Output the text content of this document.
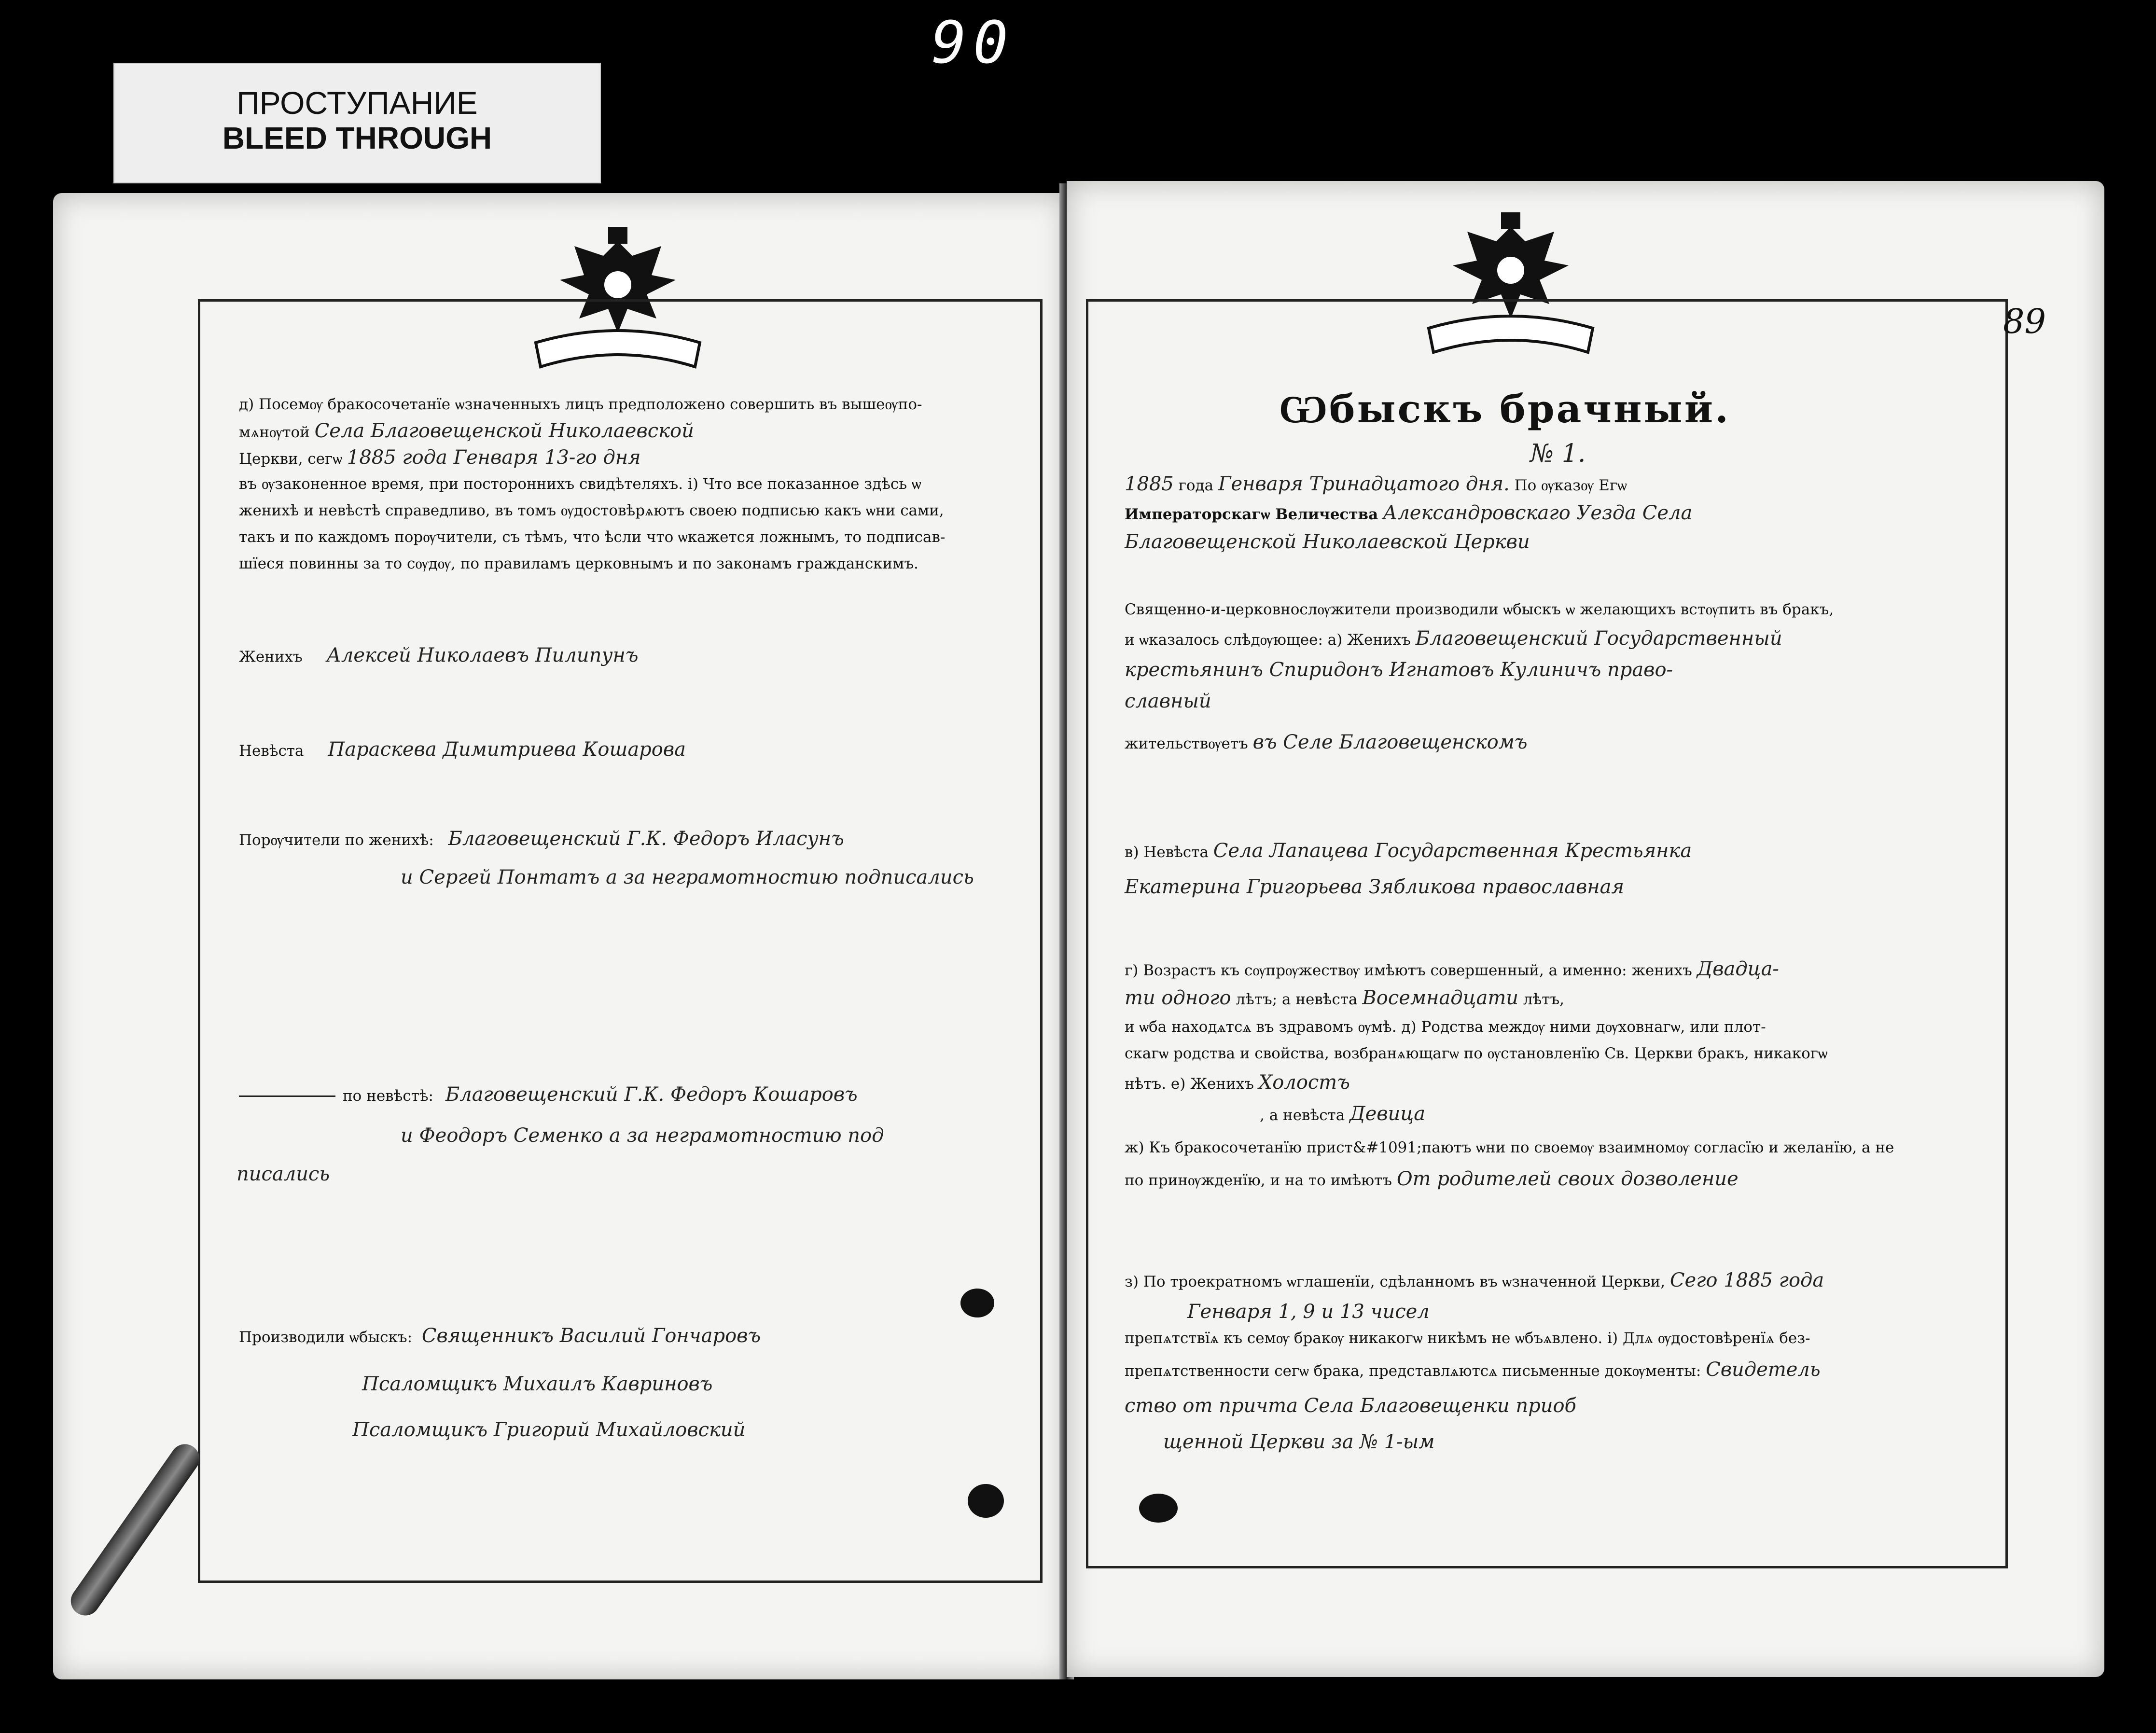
90
ПРОСТУПАНИЕ
BLEED THROUGH
д) Посемѹ бракосочетанїе ѡзначенныхъ лицъ предположено совершить въ вышеѹпо-
мѧнѹтой Села Благовещенской Николаевской
Церкви, сегѡ 1885 года Генваря 13-го дня
въ ѹзаконенное время, при постороннихъ свидѣтеляхъ. і) Что все показанное здѣсь ѡ
женихѣ и невѣстѣ справедливо, въ томъ ѹдостовѣрѧютъ своею подписью какъ ѡни сами,
такъ и по каждомъ порѹчители, съ тѣмъ, что ѣсли что ѡкажется ложнымъ, то подписав-
шїеся повинны за то сѹдѹ, по правиламъ церковнымъ и по законамъ гражданскимъ.
Женихъ Алексей Николаевъ Пилипунъ
Невѣста Параскева Димитриева Кошарова
Порѹчители по женихѣ: Благовещенский Г.К. Федоръ Иласунъ
и Сергей Понтатъ а за неграмотностию подписались
по невѣстѣ: Благовещенский Г.К. Федоръ Кошаровъ
и Феодоръ Семенко а за неграмотностию под
писались
Производили ѡбыскъ: Священникъ Василий Гончаровъ
Псаломщикъ Михаилъ Кавриновъ
Псаломщикъ Григорий Михайловский
89
Ѡбыскъ брачный.
№ 1.
1885 года Генваря Тринадцатого дня. По ѹказѹ Егѡ
Императорскагѡ Величества Александровскаго Уезда Села
Благовещенской Николаевской Церкви
Священно-и-церковнослѹжители производили ѡбыскъ ѡ желающихъ встѹпить въ бракъ,
и ѡказалось слѣдѹющее: а) Женихъ Благовещенский Государственный
крестьянинъ Спиридонъ Игнатовъ Кулиничъ право-
славный
жительствѹетъ въ Селе Благовещенскомъ
в) Невѣста Села Лапацева Государственная Крестьянка
Екатерина Григорьева Зябликова православная
г) Возрастъ къ сѹпрѹжествѹ имѣютъ совершенный, а именно: женихъ Двадца-
ти одного лѣтъ; а невѣста Восемнадцати лѣтъ,
и ѡба находѧтсѧ въ здравомъ ѹмѣ. д) Родства междѹ ними дѹховнагѡ, или плот-
скагѡ родства и свойства, возбранѧющагѡ по ѹстановленїю Св. Церкви бракъ, никакогѡ
нѣтъ. е) Женихъ Холостъ
, а невѣста Девица
ж) Къ бракосочетанїю прист&#1091;паютъ ѡни по своемѹ взаимномѹ согласїю и желанїю, а не
по принѹжденїю, и на то имѣютъ От родителей своих дозволение
з) По троекратномъ ѡглашенїи, сдѣланномъ въ ѡзначенной Церкви, Сего 1885 года
Генваря 1, 9 и 13 чисел
препѧтствїѧ къ семѹ бракѹ никакогѡ никѣмъ не ѡбъѧвлено. і) Длѧ ѹдостовѣренїѧ без-
препѧтственности сегѡ брака, представлѧютсѧ письменные докѹменты: Свидетель
ство от причта Села Благовещенки приоб
щенной Церкви за № 1-ым
